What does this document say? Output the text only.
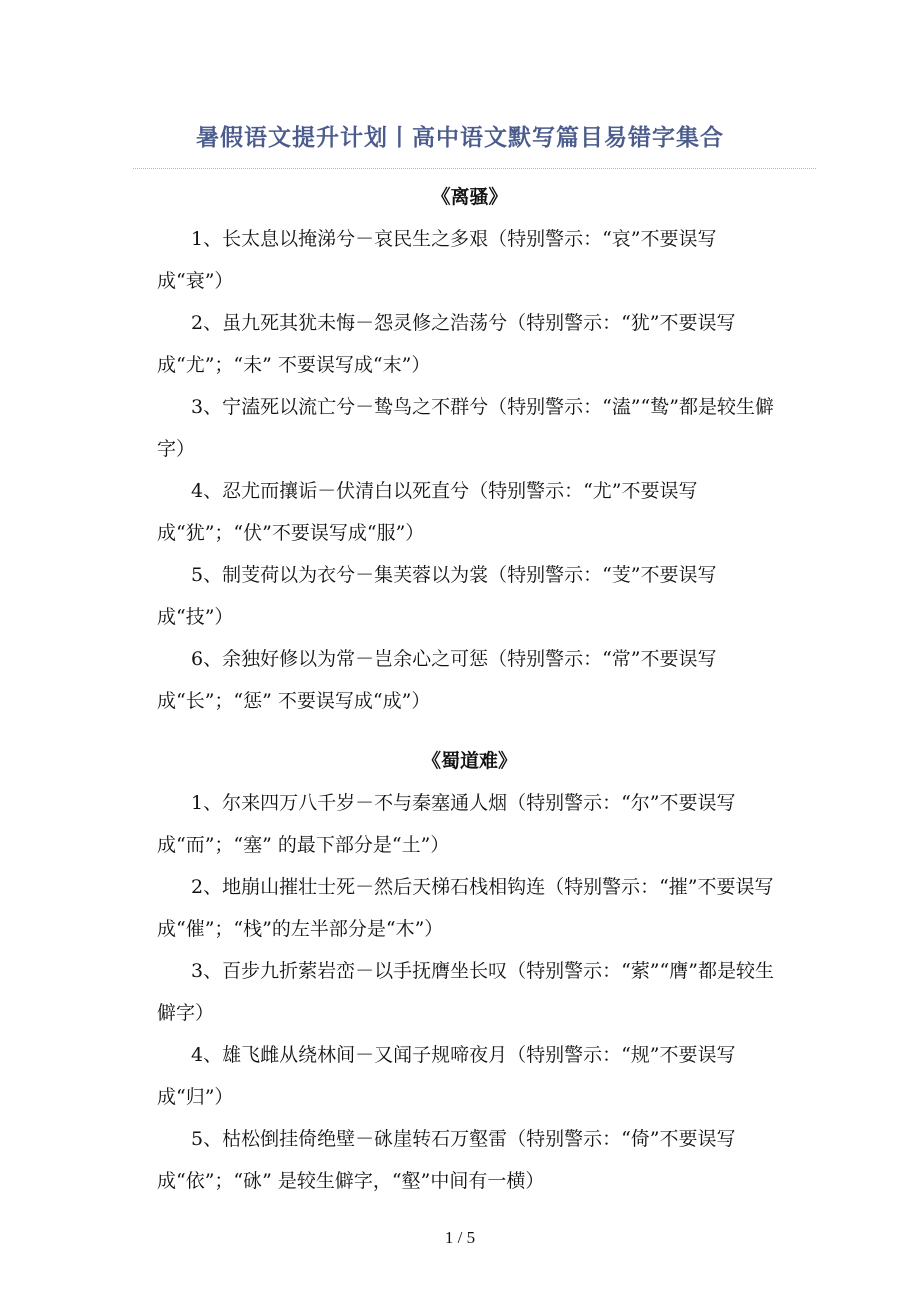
暑假语文提升计划丨高中语文默写篇目易错字集合
《离骚》

1、长太息以掩涕兮－哀民生之多艰（特别警示：“哀”不要误写成“衰”）

2、虽九死其犹未悔－怨灵修之浩荡兮（特别警示：“犹”不要误写成“尤”；“未” 不要误写成“末”）

3、宁溘死以流亡兮－鸷鸟之不群兮（特别警示：“溘”“鸷”都是较生僻字）

4、忍尤而攘诟－伏清白以死直兮（特别警示：“尤”不要误写成“犹”；“伏”不要误写成“服”）

5、制芰荷以为衣兮－集芙蓉以为裳（特别警示：“芰”不要误写成“技”）

6、余独好修以为常－岂余心之可惩（特别警示：“常”不要误写成“长”；“惩” 不要误写成“成”）

《蜀道难》

1、尔来四万八千岁－不与秦塞通人烟（特别警示：“尔”不要误写成“而”；“塞” 的最下部分是“土”）

2、地崩山摧壮士死－然后天梯石栈相钩连（特别警示：“摧”不要误写成“催”；“栈”的左半部分是“木”）

3、百步九折萦岩峦－以手抚膺坐长叹（特别警示：“萦”“膺”都是较生僻字）

4、雄飞雌从绕林间－又闻子规啼夜月（特别警示：“规”不要误写成“归”）

5、枯松倒挂倚绝壁－砯崖转石万壑雷（特别警示：“倚”不要误写成“依”；“砯” 是较生僻字，“壑”中间有一横）

1 / 5
